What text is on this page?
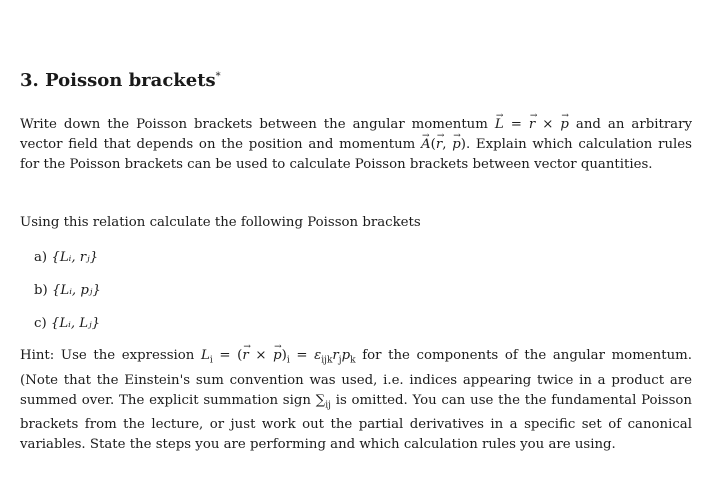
3. Poisson brackets*
Write down the Poisson brackets between the angular momentum → L = → r × → p and an arbitrary vector field that depends on the position and momentum → A(→ r, → p). Explain which calculation rules for the Poisson brackets can be used to calculate Poisson brackets between vector quantities.
Using this relation calculate the following Poisson brackets
a) {Lᵢ, rⱼ}
b) {Lᵢ, pⱼ}
c) {Lᵢ, Lⱼ}
Hint: Use the expression $L_i$ = (→ r × → $p)_i = \varepsilon_{ijk}r_jp_k$ for the components of the angular momentum. (Note that the Einstein's sum convention was used, i.e. indices appearing twice in a product are summed over. The explicit summation sign $\sum_{ij}$ is omitted. You can use the the fundamental Poisson brackets from the lecture, or just work out the partial derivatives in a specific set of canonical variables. State the steps you are performing and which calculation rules you are using.
